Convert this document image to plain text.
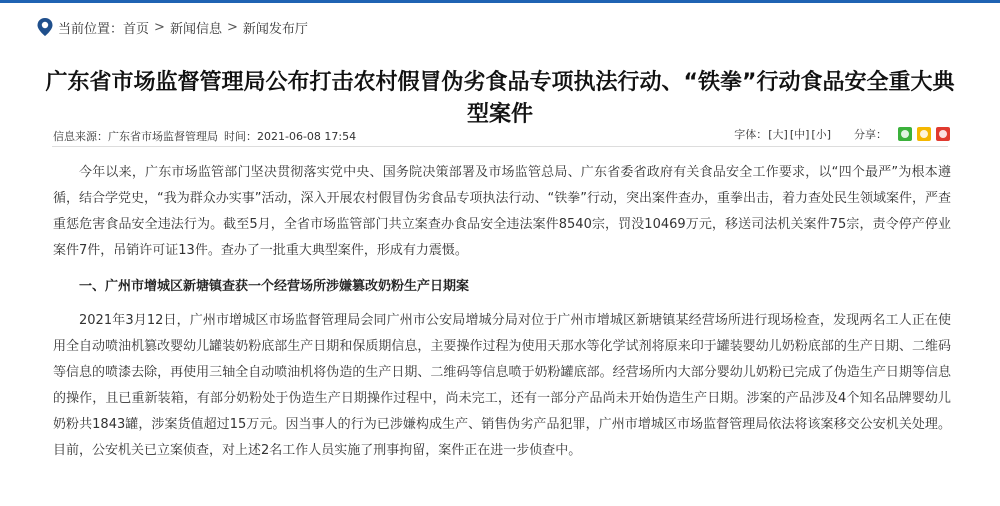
当前位置： 首页 > 新闻信息 > 新闻发布厅
广东省市场监督管理局公布打击农村假冒伪劣食品专项执法行动、“铁拳”行动食品安全重大典型案件
信息来源：广东省市场监督管理局 时间：2021-06-08 17:54	字体： [大] [中] [小] 分享：

今年以来，广东市场监管部门坚决贯彻落实党中央、国务院决策部署及市场监管总局、广东省委省政府有关食品安全工作要求，以“四个最严”为根本遵循，结合学党史，“我为群众办实事”活动，深入开展农村假冒伪劣食品专项执法行动、“铁拳”行动，突出案件查办，重拳出击，着力查处民生领域案件，严查重惩危害食品安全违法行为。截至5月，全省市场监管部门共立案查办食品安全违法案件8540宗，罚没10469万元，移送司法机关案件75宗，责令停产停业案件7件，吊销许可证13件。查办了一批重大典型案件，形成有力震慑。

一、广州市增城区新塘镇查获一个经营场所涉嫌篡改奶粉生产日期案

2021年3月12日，广州市增城区市场监督管理局会同广州市公安局增城分局对位于广州市增城区新塘镇某经营场所进行现场检查，发现两名工人正在使用全自动喷油机篡改婴幼儿罐装奶粉底部生产日期和保质期信息，主要操作过程为使用天那水等化学试剂将原来印于罐装婴幼儿奶粉底部的生产日期、二维码等信息的喷漆去除，再使用三轴全自动喷油机将伪造的生产日期、二维码等信息喷于奶粉罐底部。经营场所内大部分婴幼儿奶粉已完成了伪造生产日期等信息的操作，且已重新装箱，有部分奶粉处于伪造生产日期操作过程中，尚未完工，还有一部分产品尚未开始伪造生产日期。涉案的产品涉及4个知名品牌婴幼儿奶粉共1843罐，涉案货值超过15万元。因当事人的行为已涉嫌构成生产、销售伪劣产品犯罪，广州市增城区市场监督管理局依法将该案移交公安机关处理。目前，公安机关已立案侦查，对上述2名工作人员实施了刑事拘留，案件正在进一步侦查中。
